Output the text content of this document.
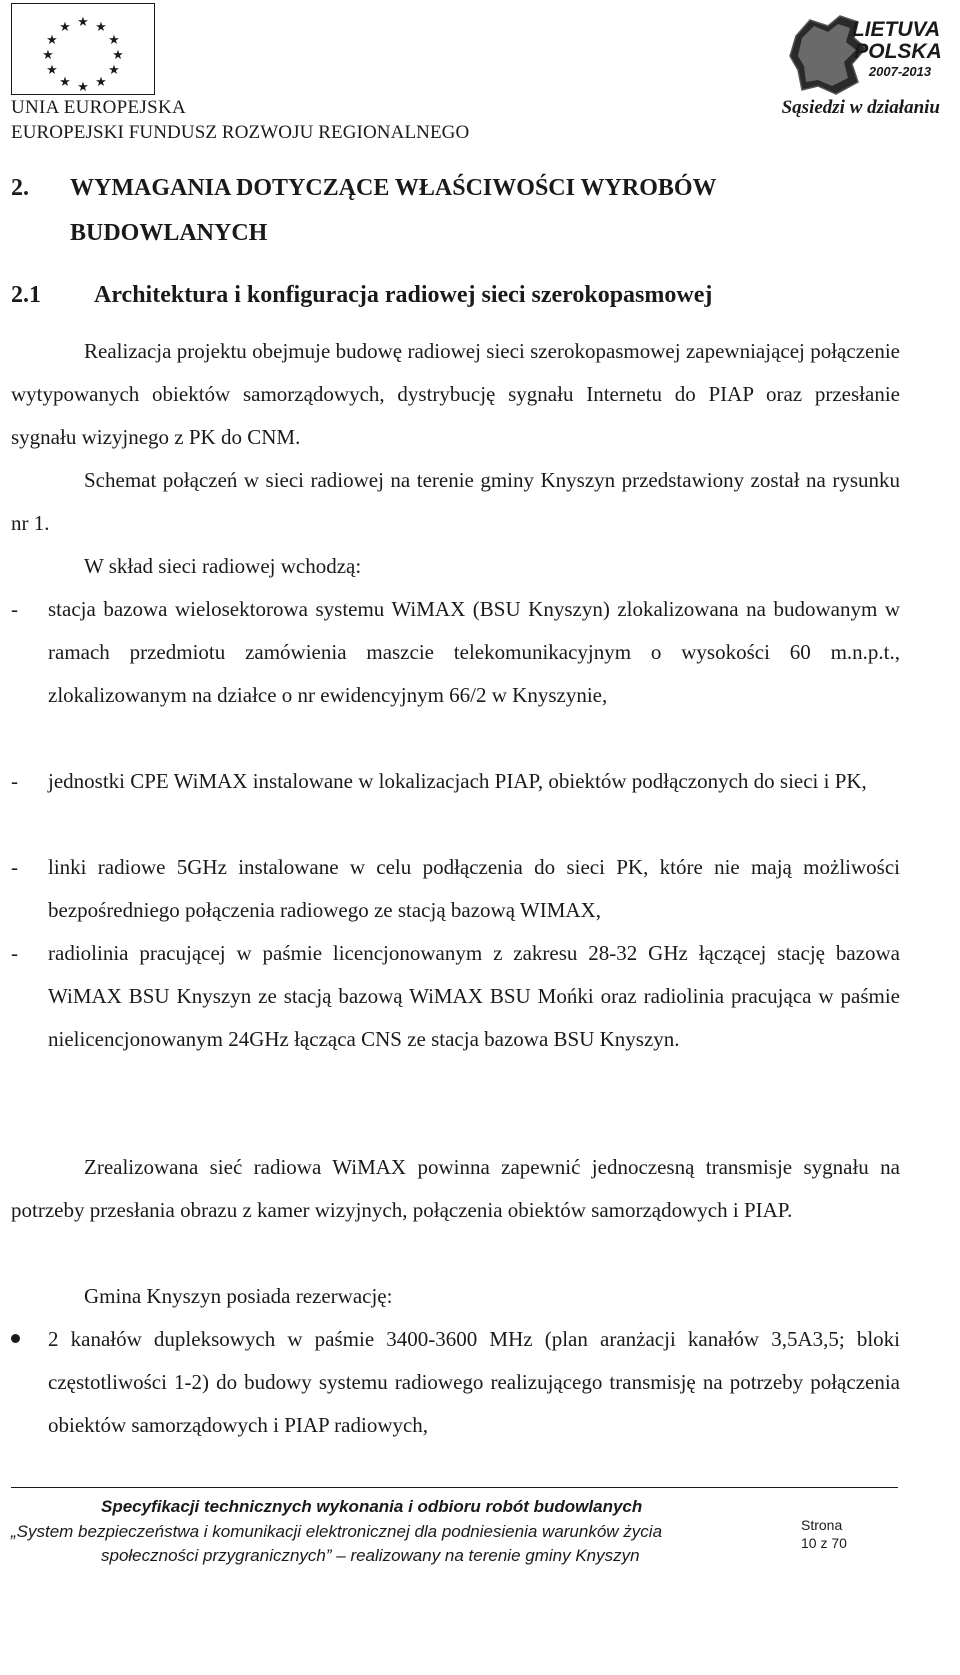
★ ★
★
★
★
★
★
★
★
★
★
★
UNIA EUROPEJSKA
EUROPEJSKI FUNDUSZ ROZWOJU REGIONALNEGO
LIETUVA
POLSKA
2007-2013
Sąsiedzi w działaniu
2. WYMAGANIA DOTYCZĄCE WŁAŚCIWOŚCI WYROBÓW BUDOWLANYCH
2.1 Architektura i konfiguracja radiowej sieci szerokopasmowej
Realizacja projektu obejmuje budowę radiowej sieci szerokopasmowej zapewniającej połączenie wytypowanych obiektów samorządowych, dystrybucję sygnału Internetu do PIAP oraz przesłanie sygnału wizyjnego z PK do CNM.
Schemat połączeń w sieci radiowej na terenie gminy Knyszyn przedstawiony został na rysunku nr 1.
W skład sieci radiowej wchodzą:
- stacja bazowa wielosektorowa systemu WiMAX (BSU Knyszyn) zlokalizowana na budowanym w ramach przedmiotu zamówienia maszcie telekomunikacyjnym o wysokości 60 m.n.p.t., zlokalizowanym na działce o nr ewidencyjnym 66/2 w Knyszynie,
- jednostki CPE WiMAX instalowane w lokalizacjach PIAP, obiektów podłączonych do sieci i PK,
- linki radiowe 5GHz instalowane w celu podłączenia do sieci PK, które nie mają możliwości bezpośredniego połączenia radiowego ze stacją bazową WIMAX,
- radiolinia pracującej w paśmie licencjonowanym z zakresu 28-32 GHz łączącej stację bazowa WiMAX BSU Knyszyn ze stacją bazową WiMAX BSU Mońki oraz radiolinia pracująca w paśmie nielicencjonowanym 24GHz łącząca CNS ze stacja bazowa BSU Knyszyn.
Zrealizowana sieć radiowa WiMAX powinna zapewnić jednoczesną transmisje sygnału na potrzeby przesłania obrazu z kamer wizyjnych, połączenia obiektów samorządowych i PIAP.
Gmina Knyszyn posiada rezerwację:
2 kanałów dupleksowych w paśmie 3400-3600 MHz (plan aranżacji kanałów 3,5A3,5; bloki częstotliwości 1-2) do budowy systemu radiowego realizującego transmisję na potrzeby połączenia obiektów samorządowych i PIAP radiowych,
Specyfikacji technicznych wykonania i odbioru robót budowlanych
„System bezpieczeństwa i komunikacji elektronicznej dla podniesienia warunków życia
społeczności przygranicznych” – realizowany na terenie gminy Knyszyn
Strona
10 z 70
